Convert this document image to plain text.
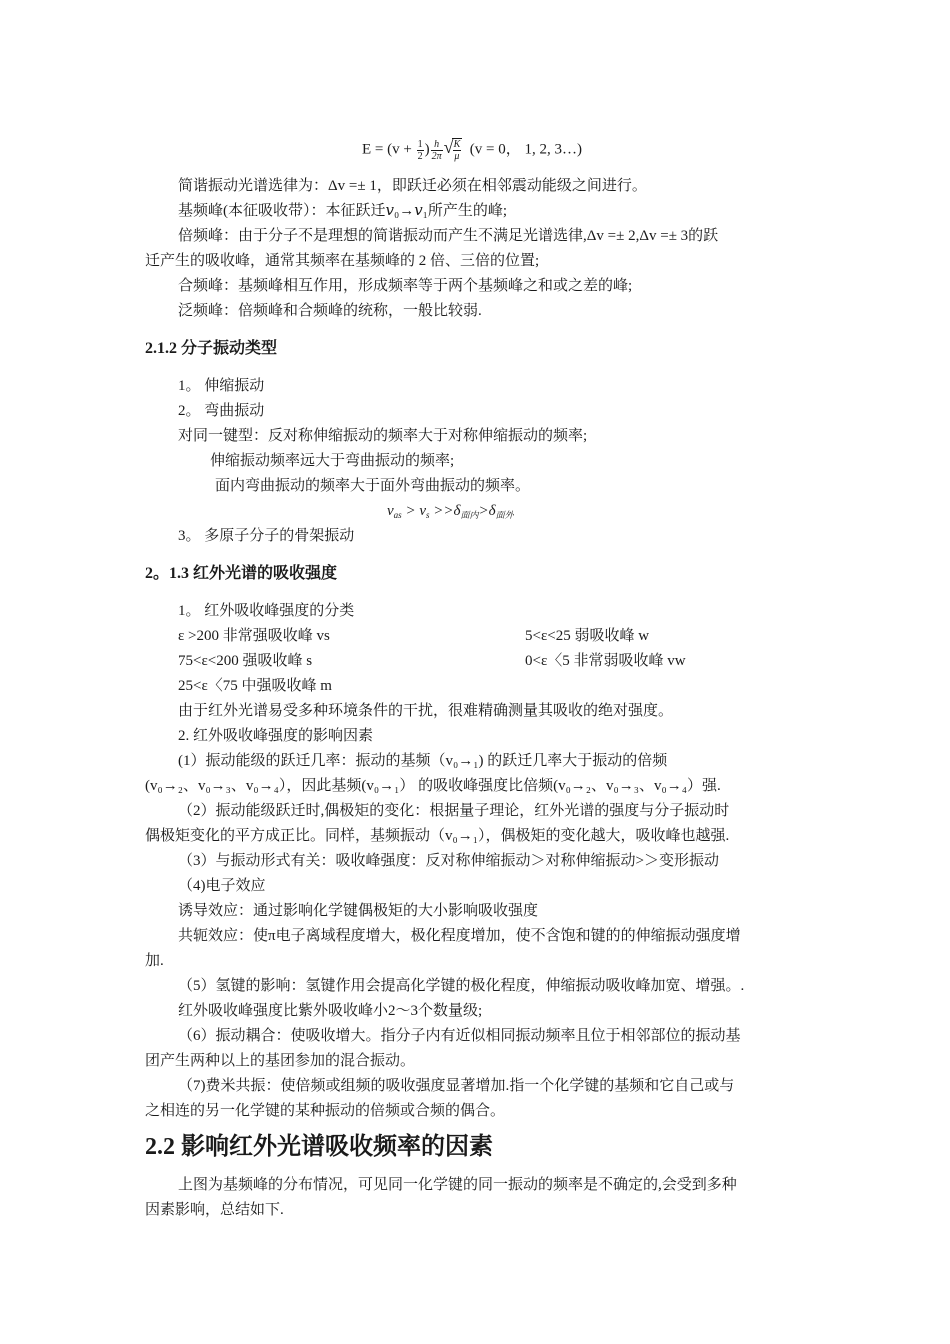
$E = (v + \frac{1}{2}$ ) $\frac{h}{2\pi}$ √ $\frac{K}{\mu} (v = 0$， 1, 2, 3…)
简谐振动光谱选律为：Δv =± 1，即跃迁必须在相邻震动能级之间进行。
基频峰(本征吸收带）：本征跃迁𝑣₀→𝑣₁所产生的峰;
倍频峰：由于分子不是理想的简谐振动而产生不满足光谱选律,Δv =± 2,Δv =± 3的跃
迁产生的吸收峰，通常其频率在基频峰的 2 倍、三倍的位置;
合频峰：基频峰相互作用，形成频率等于两个基频峰之和或之差的峰;
泛频峰：倍频峰和合频峰的统称，一般比较弱.
2.1.2 分子振动类型
1。 伸缩振动
2。 弯曲振动
对同一键型：反对称伸缩振动的频率大于对称伸缩振动的频率;
伸缩振动频率远大于弯曲振动的频率;
面内弯曲振动的频率大于面外弯曲振动的频率。
$v_{as} > v_s >>\delta_{面内}>\delta_{面外}$
3。 多原子分子的骨架振动
2。1.3 红外光谱的吸收强度
1。 红外吸收峰强度的分类
ε >200 非常强吸收峰 vs	5<ε<25 弱吸收峰 w
75<ε<200 强吸收峰 s	0<ε〈5 非常弱吸收峰 vw
25<ε〈75 中强吸收峰 m
由于红外光谱易受多种环境条件的干扰，很难精确测量其吸收的绝对强度。
2. 红外吸收峰强度的影响因素
(1）振动能级的跃迁几率：振动的基频（v₀→₁) 的跃迁几率大于振动的倍频
(v₀→₂、v₀→₃、v₀→₄），因此基频(v₀→₁） 的吸收峰强度比倍频(v₀→₂、v₀→₃、v₀→₄）强.
（2）振动能级跃迁时,偶极矩的变化：根据量子理论，红外光谱的强度与分子振动时
偶极矩变化的平方成正比。同样，基频振动（v₀→₁），偶极矩的变化越大，吸收峰也越强.
（3）与振动形式有关：吸收峰强度：反对称伸缩振动＞对称伸缩振动>＞变形振动
（4)电子效应
诱导效应：通过影响化学键偶极矩的大小影响吸收强度
共轭效应：使π电子离域程度增大，极化程度增加，使不含饱和键的的伸缩振动强度增
加.
（5）氢键的影响：氢键作用会提高化学键的极化程度，伸缩振动吸收峰加宽、增强。.
红外吸收峰强度比紫外吸收峰小2～3个数量级;
（6）振动耦合：使吸收增大。指分子内有近似相同振动频率且位于相邻部位的振动基
团产生两种以上的基团参加的混合振动。
（7)费米共振：使倍频或组频的吸收强度显著增加.指一个化学键的基频和它自己或与
之相连的另一化学键的某种振动的倍频或合频的偶合。
2.2 影响红外光谱吸收频率的因素
上图为基频峰的分布情况，可见同一化学键的同一振动的频率是不确定的,会受到多种
因素影响，总结如下.
